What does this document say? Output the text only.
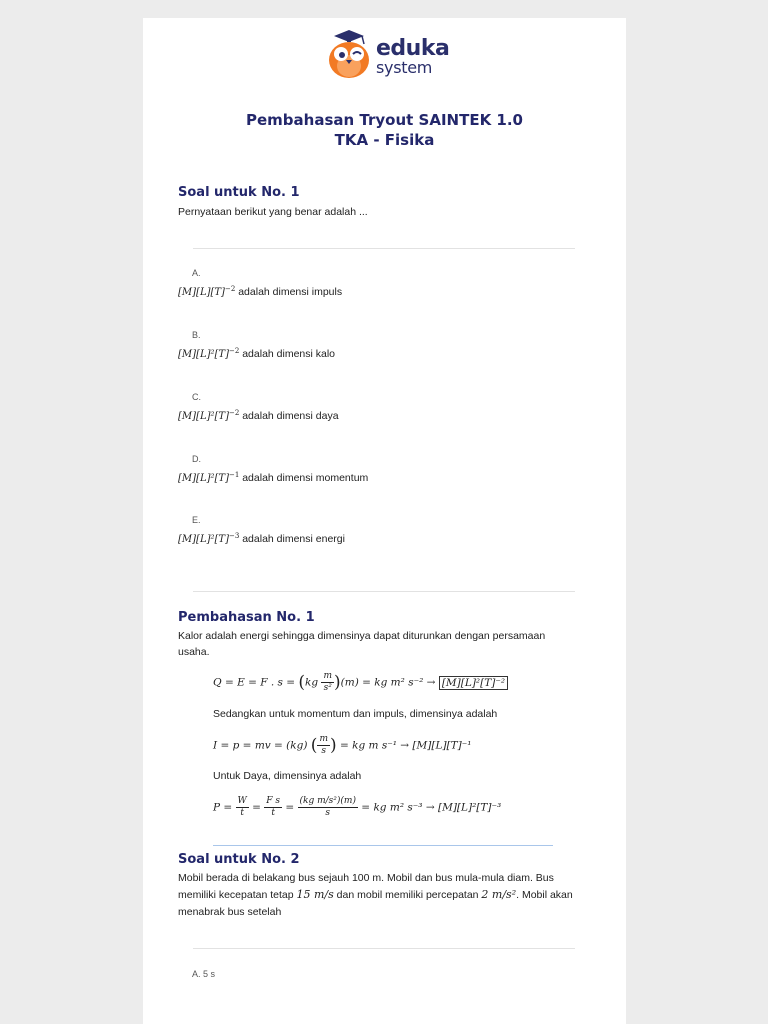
eduka
system
Pembahasan Tryout SAINTEK 1.0
TKA - Fisika
Soal untuk No. 1
Pernyataan berikut yang benar adalah ...
A.
$[M][L][T]^{-2}$ adalah dimensi impuls
B.
$[M][L]^2[T]^{-2}$ adalah dimensi kalo
C.
$[M][L]^2[T]^{-2}$ adalah dimensi daya
D.
$[M][L]^2[T]^{-1}$ adalah dimensi momentum
E.
$[M][L]^2[T]^{-3}$ adalah dimensi energi
Pembahasan No. 1
Kalor adalah energi sehingga dimensinya dapat diturunkan dengan persamaan usaha.
Q = E = F . $s = (kg \frac{m}{\text{s²}} )(m)$ = kg m² s⁻² → [M][L]²[T]⁻²
Sedangkan untuk momentum dan impuls, dimensinya adalah
I = p = mv = (kg) ( $\frac{m}{s}$ ) = kg m s⁻¹ → [M][L][T]⁻¹
Untuk Daya, dimensinya adalah
$P = \frac{W}{t} = \frac{\text{F s}}{t} = \frac{\text{(kg m/s²)(m)}}{s}$ = kg m² s⁻³ → [M][L]²[T]⁻³
Soal untuk No. 2
Mobil berada di belakang bus sejauh 100 m. Mobil dan bus mula-mula diam. Bus
memiliki kecepatan tetap 15 m/s dan mobil memiliki percepatan 2 m/s². Mobil akan
menabrak bus setelah
A. 5 s
